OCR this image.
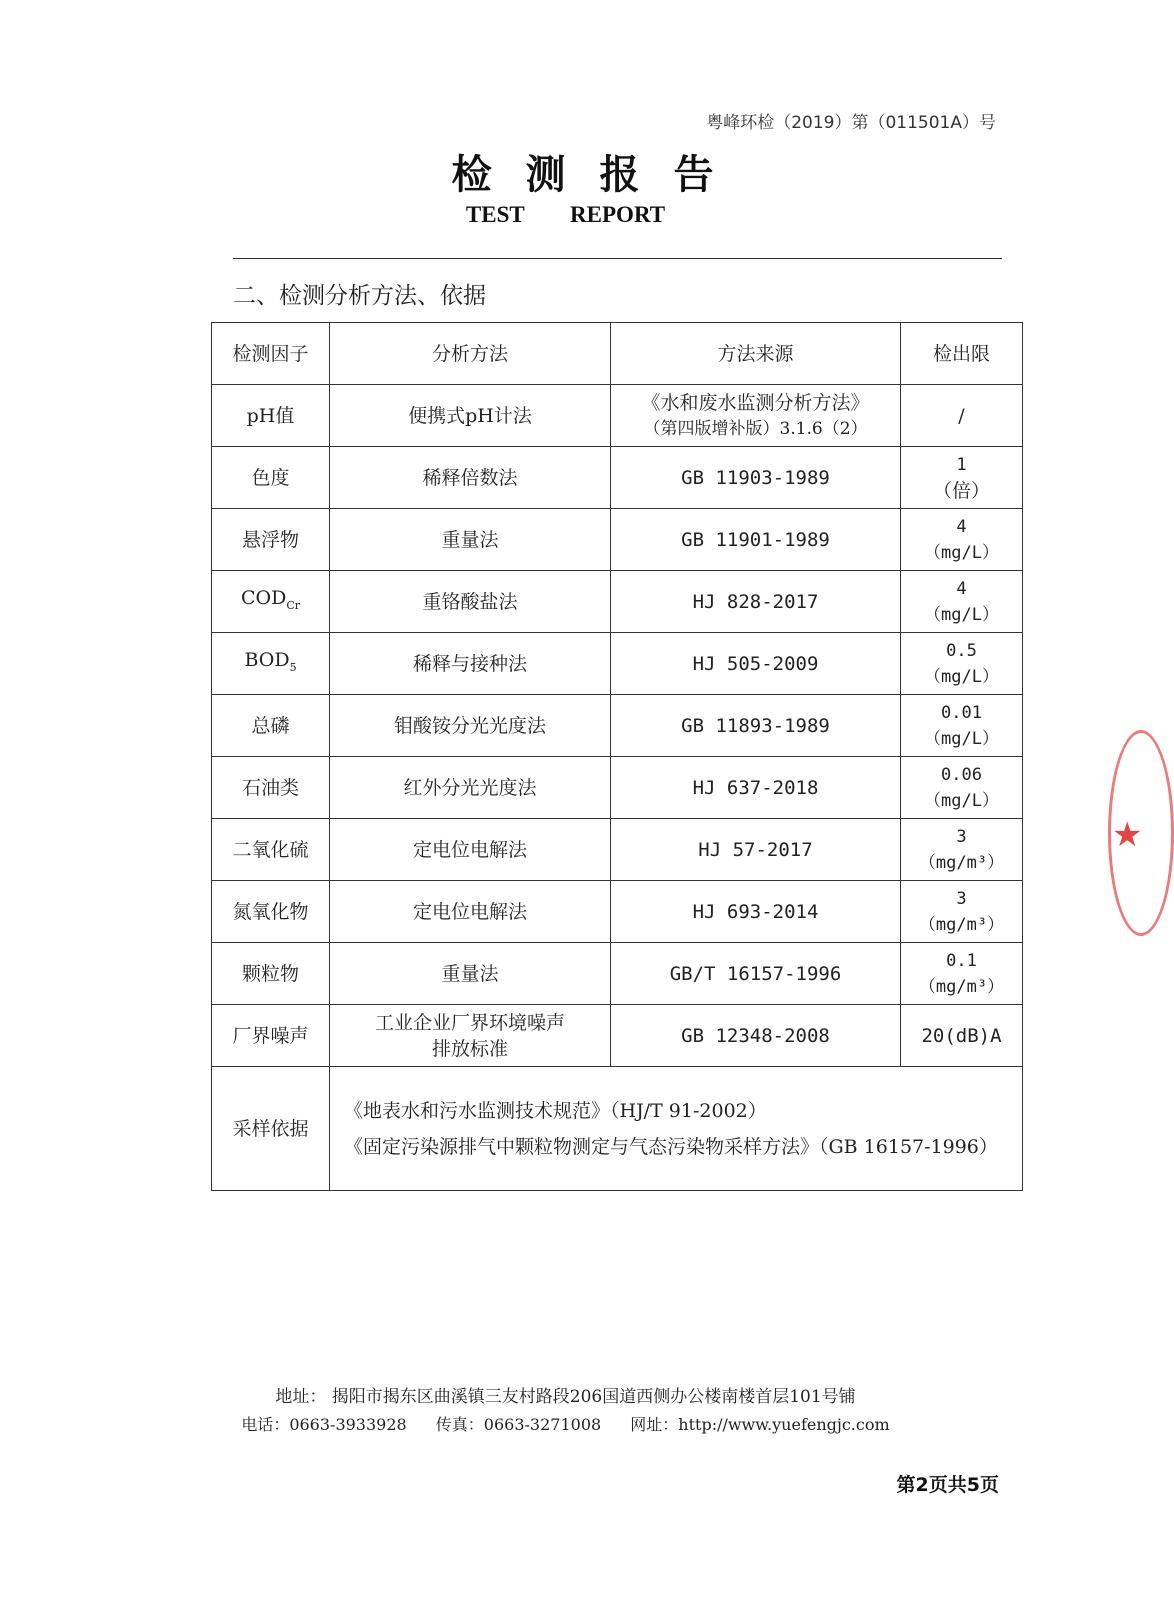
粤峰环检（2019）第（011501A）号
检测报告
TEST REPORT
二、检测分析方法、依据
检测因子	分析方法	方法来源	检出限
pH值	便携式pH计法	《水和废水监测分析方法》
（第四版增补版）3.1.6（2）	/
色度	稀释倍数法	GB 11903-1989	1
（倍）

悬浮物	重量法	GB 11901-1989	4
（mg/L）

$COD_{Cr}$	重铬酸盐法	HJ 828-2017	4
（mg/L）

$BOD_5$	稀释与接种法	HJ 505-2009	0.5
（mg/L）

总磷	钼酸铵分光光度法	GB 11893-1989	0.01
（mg/L）

石油类	红外分光光度法	HJ 637-2018	0.06
（mg/L）

二氧化硫	定电位电解法	HJ 57-2017	3
（mg/m³）

氮氧化物	定电位电解法	HJ 693-2014	3
（mg/m³）

颗粒物	重量法	GB/T 16157-1996	0.1
（mg/m³）

厂界噪声	工业企业厂界环境噪声
排放标准	GB 12348-2008	20(dB)A
采样依据	《地表水和污水监测技术规范》（HJ/T 91-2002）
《固定污染源排气中颗粒物测定与气态污染物采样方法》（GB 16157-1996）		
地址： 揭阳市揭东区曲溪镇三友村路段206国道西侧办公楼南楼首层101号铺
电话：0663-3933928 传真：0663-3271008 网址：http://www.yuefengjc.com
第2页共5页
★
